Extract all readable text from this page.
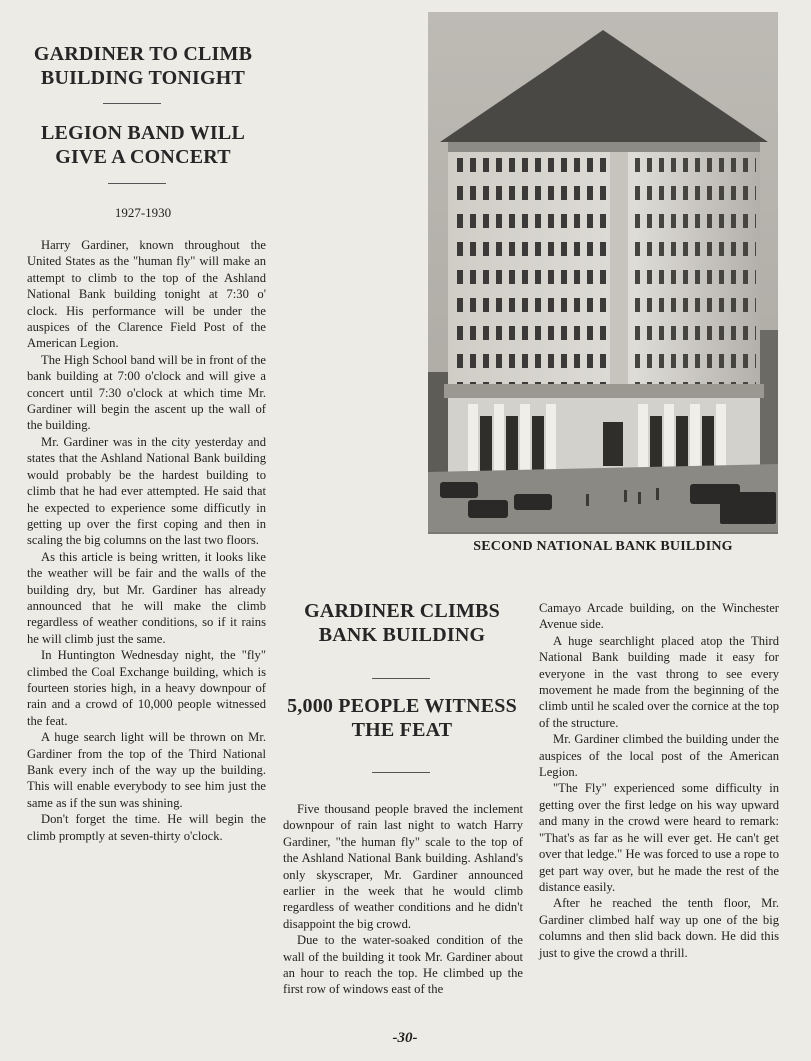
GARDINER TO CLIMB BUILDING TONIGHT
LEGION BAND WILL GIVE A CONCERT

1927-1930

Harry Gardiner, known throughout the United States as the "human fly" will make an attempt to climb to the top of the Ashland National Bank building tonight at 7:30 o' clock. His performance will be under the auspices of the Clarence Field Post of the American Legion.

The High School band will be in front of the bank building at 7:00 o'clock and will give a concert until 7:30 o'clock at which time Mr. Gardiner will begin the ascent up the wall of the building.

Mr. Gardiner was in the city yesterday and states that the Ashland National Bank building would probably be the hardest building to climb that he had ever attempted. He said that he expected to experience some difficutly in getting up over the first coping and then in scaling the big columns on the last two floors.

As this article is being written, it looks like the weather will be fair and the walls of the building dry, but Mr. Gardiner has already announced that he will make the climb regardless of weather conditions, so if it rains he will climb just the same.

In Huntington Wednesday night, the "fly" climbed the Coal Exchange building, which is fourteen stories high, in a heavy downpour of rain and a crowd of 10,000 people witnessed the feat.

A huge search light will be thrown on Mr. Gardiner from the top of the Third National Bank every inch of the way up the building. This will enable everybody to see him just the same as if the sun was shining.

Don't forget the time. He will begin the climb promptly at seven-thirty o'clock.

SECOND NATIONAL BANK BUILDING

GARDINER CLIMBS BANK BUILDING
5,000 PEOPLE WITNESS THE FEAT

Five thousand people braved the inclement downpour of rain last night to watch Harry Gardiner, "the human fly" scale to the top of the Ashland National Bank building. Ashland's only skyscraper, Mr. Gardiner announced earlier in the week that he would climb regardless of weather conditions and he didn't disappoint the big crowd.

Due to the water-soaked condition of the wall of the building it took Mr. Gardiner about an hour to reach the top. He climbed up the first row of windows east of the

Camayo Arcade building, on the Winchester Avenue side.

A huge searchlight placed atop the Third National Bank building made it easy for everyone in the vast throng to see every movement he made from the beginning of the climb until he scaled over the cornice at the top of the structure.

Mr. Gardiner climbed the building under the auspices of the local post of the American Legion.

"The Fly" experienced some difficulty in getting over the first ledge on his way upward and many in the crowd were heard to remark: "That's as far as he will ever get. He can't get over that ledge." He was forced to use a rope to get part way over, but he made the rest of the distance easily.

After he reached the tenth floor, Mr. Gardiner climbed half way up one of the big columns and then slid back down. He did this just to give the crowd a thrill.

-30-
